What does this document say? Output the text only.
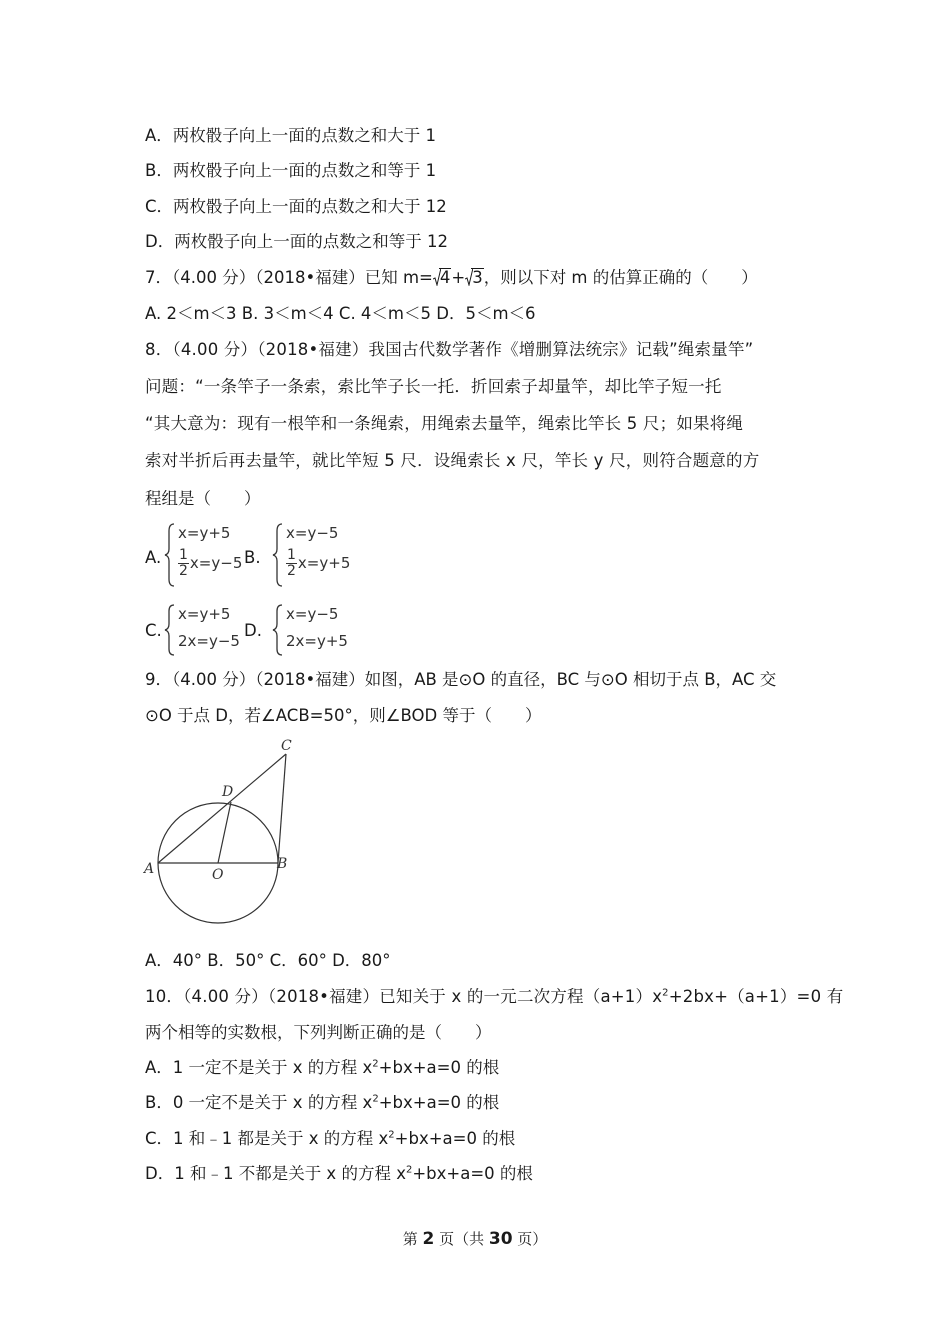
A．两枚骰子向上一面的点数之和大于 1
B．两枚骰子向上一面的点数之和等于 1
C．两枚骰子向上一面的点数之和大于 12
D．两枚骰子向上一面的点数之和等于 12
7．（4.00 分）（2018•福建）已知 m= 4+ 3，则以下对 m 的估算正确的（　　）
A. 2＜m＜3 B. 3＜m＜4 C. 4＜m＜5 D．5＜m＜6
8．（4.00 分）（2018•福建）我国古代数学著作《增删算法统宗》记载”绳索量竿”
问题：“一条竿子一条索，索比竿子长一托．折回索子却量竿，却比竿子短一托
“其大意为：现有一根竿和一条绳索，用绳索去量竿，绳索比竿长 5 尺；如果将绳
索对半折后再去量竿，就比竿短 5 尺．设绳索长 x 尺，竿长 y 尺，则符合题意的方
程组是（　　）
A.
x=y+5
$\frac{1}{2} x=y-5$ B.
x=y−5
$\frac{1}{2} x=y+5$
C.
x=y+5
2x=y−5
D.
x=y−5
2x=y+5
9．（4.00 分）（2018•福建）如图，AB 是⊙O 的直径，BC 与⊙O 相切于点 B，AC 交
⊙O 于点 D，若∠ACB=50°，则∠BOD 等于（　　）
A	B
C
D
O
A．40° B．50° C．60° D．80°
10．（4.00 分）（2018•福建）已知关于 x 的一元二次方程$(a+1)x^2+2bx+(a+1)=0$ 有
两个相等的实数根，下列判断正确的是（　　）
A．1 一定不是关于 x 的方程 $x^2+bx+a=0$ 的根
B．0 一定不是关于 x 的方程 $x^2+bx+a=0$ 的根
C．1 和﹣1 都是关于 x 的方程 $x^2+bx+a=0$ 的根
D．1 和﹣1 不都是关于 x 的方程 $x^2+bx+a=0$ 的根
第 2 页（共 30 页）
